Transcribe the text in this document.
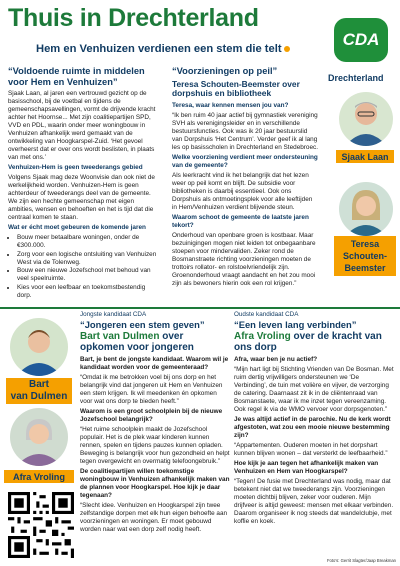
Thuis in Drechterland
Hem en Venhuizen verdienen een stem die telt	CDA
Drechterland
“Voldoende ruimte in middelen voor Hem en Venhuizen”

Sjaak Laan, al jaren een vertrouwd gezicht op de basisschool, bij de voetbal en tijdens de gemeenschapsavellingen, vormt de drijvende kracht achter het Hoornse... Met zijn coalitiepartijen SPD, VVD en PDL, waarin onder meer woningbouw in Venhuizen afhankelijk werd gemaakt van de ontwikkeling van Hoogkarspel-Zuid. ‘Het gevoel overheerst dat er over ons wordt beslisten, in plaats van met ons.’

Venhuizen-Hem is geen tweederangs gebied

Volgens Sjaak mag deze Woonvisie dan ook niet de werkelijkheid worden. Venhuizen-Hem is geen achterdeur of tweederangs deel van de gemeente. We zijn een hechte gemeenschap met eigen ambities, wensen en behoeften en het is tijd dat die centraal komen te staan.

Wat er écht moet gebeuren de komende jaren

• Bouw meer betaalbare woningen, onder de €300.000.
• Zorg voor een logische ontsluiting van Venhuizen West via de Tolenweg.
• Bouw een nieuwe Jozefschool met behoud van veel speelruimte.
• Kies voor een leefbaar en toekomstbestendig dorp.
“Voorzieningen op peil”
Teresa Schouten-Beemster over dorpshuis en bibliotheek

Teresa, waar kennen mensen jou van?

“Ik ben ruim 40 jaar actief bij gymnastiek vereniging SVH als verenigingsleider en in verschillende bestuursfuncties. Ook was ik 20 jaar bestuurslid van Dorpshuis ‘Het Centrum’. Verder geef ik al lang les op basisscholen in Drechterland en Stedebroec.

Welke voorziening verdient meer ondersteuning van de gemeente?

Als leerkracht vind ik het belangrijk dat het lezen weer op peil komt en blijft. De subsidie voor bibliotheken is daarbij essentieel. Ook ons Dorpshuis als ontmoetingsplek voor alle leeftijden in Hem/Venhuizen verdient blijvende steun.

Waarom schoot de gemeente de laatste jaren tekort?

Onderhoud van openbare groen is kostbaar. Maar bezuinigingen mogen niet leiden tot onbegaanbare stoepen voor mindervaliden. Zeker rond de Bosmanstraete richting voorzieningen moeten de trottoirs rollator- en rolstoelvriendelijk zijn. Groenonderhoud vraagt aandacht en het zou mooi zijn als bewoners hierin ook een rol krijgen.”

Sjaak Laan
Teresa
Schouten-
Beemster
Jongste kandidaat CDA
“Jongeren een stem geven”
Bart van Dulmen over opkomen voor jongeren

Bart, je bent de jongste kandidaat. Waarom wil je kandidaat worden voor de gemeenteraad?

“Omdat ik me betrokken voel bij ons dorp en het belangrijk vind dat jongeren uit Hem en Venhuizen een stem krijgen. Ik wil meedenken én opkomen voor wat ons dorp te bieden heeft.”

Waarom is een groot schoolplein bij de nieuwe Jozefschool belangrijk?

“Het ruime schoolplein maakt de Jozefschool populair. Het is de plek waar kinderen kunnen rennen, spelen en tijdens pauzes kunnen opladen. Beweging is belangrijk voor hun gezondheid en helpt tegen overgewicht en overmatig telefoongebruik.”

De coalitiepartijen willen toekomstige woningbouw in Venhuizen afhankelijk maken van de plannen voor Hoogkarspel. Hoe kijk je daar tegenaan?

“Slecht idee. Venhuizen en Hoogkarspel zijn twee zelfstandige dorpen met elk hun eigen behoefte aan voorzieningen en woningen. Er moet gebouwd worden naar wat een dorp zelf nodig heeft.

Oudste kandidaat CDA
“Een leven lang verbinden”
Afra Vroling over de kracht van ons dorp

Afra, waar ben je nu actief?

“Mijn hart ligt bij Stichting Vrienden van De Bosman. Met ruim dertig vrijwilligers ondersteunen we ‘De Verbinding’, de tuin met volière en vijver, de verzorging de catering. Daarnaast zit ik in de cliëntenraad van Bosmanstaete, waar ik me inzet tegen vereenzaming. Ook regel ik via de WMO vervoer voor dorpsgenoten.”

Je was altijd actief in de parochie. Nu de kerk wordt afgestoten, wat zou een mooie nieuwe bestemming zijn?

“Appartementen. Ouderen moeten in het dorpshart kunnen blijven wonen – dat versterkt de leefbaarheid.”

Hoe kijk je aan tegen het afhankelijk maken van Venhuizen en Hem van Hoogkarspel?

“Tegen! De fusie met Drechterland was nodig, maar dat betekent niet dat we tweederangs zijn. Voorzieningen moeten dichtbij blijven, zeker voor ouderen. Mijn drijfveer is altijd geweest: mensen met elkaar verbinden. Daarom organiseer ik nog steeds dat wandelclubje, met koffie en koek.

Bart
van Dulmen
Afra Vroling
Foto’s: Gerrit Slagter/Jaap Breakman
